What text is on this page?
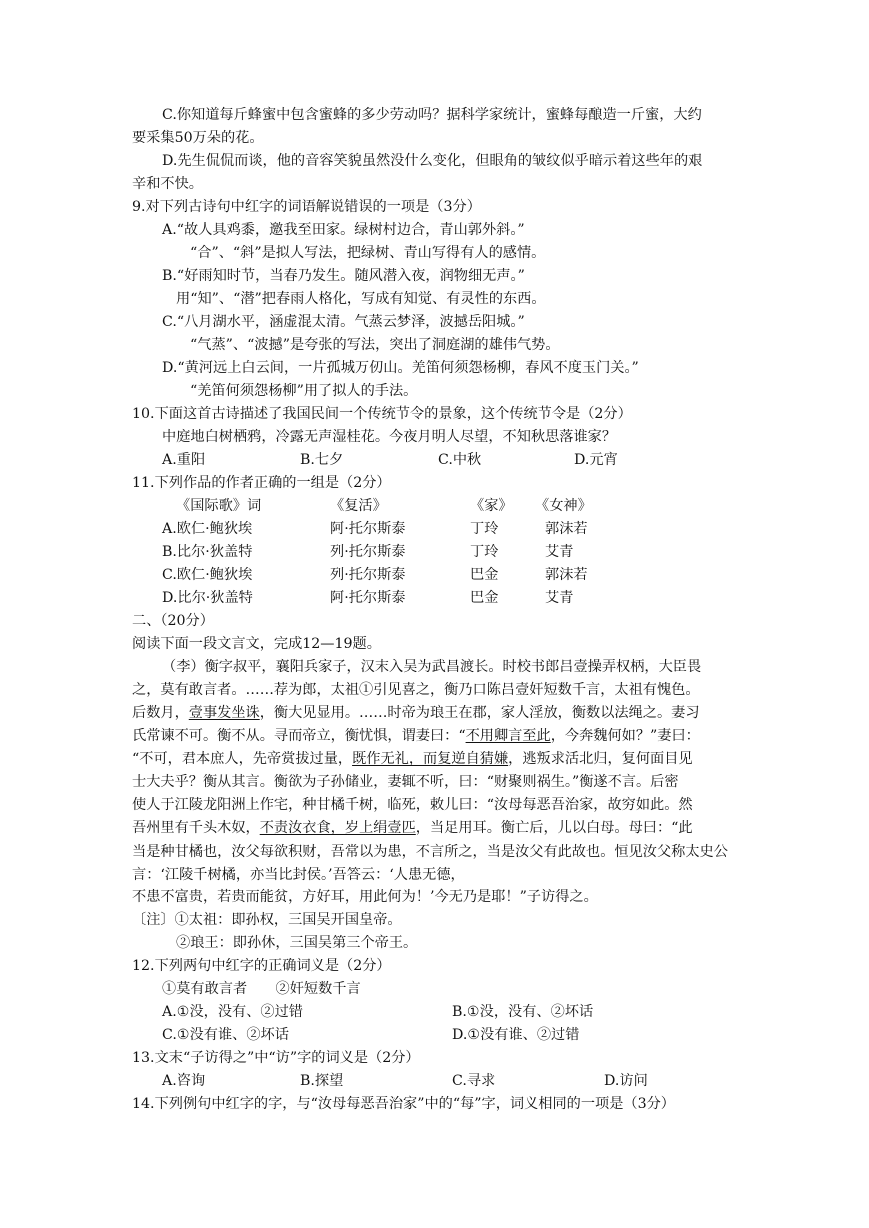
C.你知道每斤蜂蜜中包含蜜蜂的多少劳动吗？据科学家统计，蜜蜂每酿造一斤蜜，大约
要采集50万朵的花。
D.先生侃侃而谈，他的音容笑貌虽然没什么变化，但眼角的皱纹似乎暗示着这些年的艰
辛和不快。
9.对下列古诗句中红字的词语解说错误的一项是（3分）
A.“故人具鸡黍，邀我至田家。绿树村边合，青山郭外斜。”
“合”、“斜”是拟人写法，把绿树、青山写得有人的感情。
B.“好雨知时节，当春乃发生。随风潜入夜，润物细无声。”
用“知”、“潜”把春雨人格化，写成有知觉、有灵性的东西。
C.“八月湖水平，涵虚混太清。气蒸云梦泽，波撼岳阳城。”
“气蒸”、“波撼”是夸张的写法，突出了洞庭湖的雄伟气势。
D.“黄河远上白云间，一片孤城万仞山。羌笛何须怨杨柳，春风不度玉门关。”
“羌笛何须怨杨柳”用了拟人的手法。
10.下面这首古诗描述了我国民间一个传统节令的景象，这个传统节令是（2分）
中庭地白树栖鸦，冷露无声湿桂花。今夜月明人尽望，不知秋思落谁家？
A.重阳	B.七夕	C.中秋	D.元宵
11.下列作品的作者正确的一组是（2分）
《国际歌》词	《复活》	《家》 《女神》
A.欧仁·鲍狄埃	阿·托尔斯泰	丁玲	郭沫若
B.比尔·狄盖特	列·托尔斯泰	丁玲	艾青
C.欧仁·鲍狄埃	列·托尔斯泰	巴金	郭沫若
D.比尔·狄盖特	阿·托尔斯泰	巴金	艾青
二、（20分）
阅读下面一段文言文，完成12—19题。
（李）衡字叔平，襄阳兵家子，汉末入吴为武昌渡长。时校书郎吕壹操弄权柄，大臣畏
之，莫有敢言者。……荐为郎，太祖①引见喜之，衡乃口陈吕壹奸短数千言，太祖有愧色。
后数月，壹事发坐诛，衡大见显用。……时帝为琅王在郡，家人淫放，衡数以法绳之。妻习
氏常谏不可。衡不从。寻而帝立，衡忧惧，谓妻曰：“不用卿言至此，今奔魏何如？”妻曰：
“不可，君本庶人，先帝赏拔过量，既作无礼，而复逆自猜嫌，逃叛求活北归，复何面目见
士大夫乎？衡从其言。衡欲为子孙储业，妻辄不听，曰：“财聚则祸生。”衡遂不言。后密
使人于江陵龙阳洲上作宅，种甘橘千树，临死，敕儿曰：“汝母每恶吾治家，故穷如此。然
吾州里有千头木奴，不责汝衣食，岁上绢壹匹，当足用耳。衡亡后，儿以白母。母曰：“此
当是种甘橘也，汝父每欲积财，吾常以为患，不言所之，当是汝父有此故也。恒见汝父称太史公言：‘江陵千树橘，亦当比封侯。’吾答云：‘人患无德，
不患不富贵，若贵而能贫，方好耳，用此何为！’今无乃是耶！”子访得之。
〔注〕①太祖：即孙权，三国吴开国皇帝。
②琅王：即孙休，三国吴第三个帝王。
12.下列两句中红字的正确词义是（2分）
①莫有敢言者　　②奸短数千言
A.①没，没有、②过错	B.①没，没有、②坏话
C.①没有谁、②坏话	D.①没有谁、②过错
13.文末“子访得之”中“访”字的词义是（2分）
A.咨询	B.探望	C.寻求	D.访问
14.下列例句中红字的字，与“汝母每恶吾治家”中的“每”字，词义相同的一项是（3分）
